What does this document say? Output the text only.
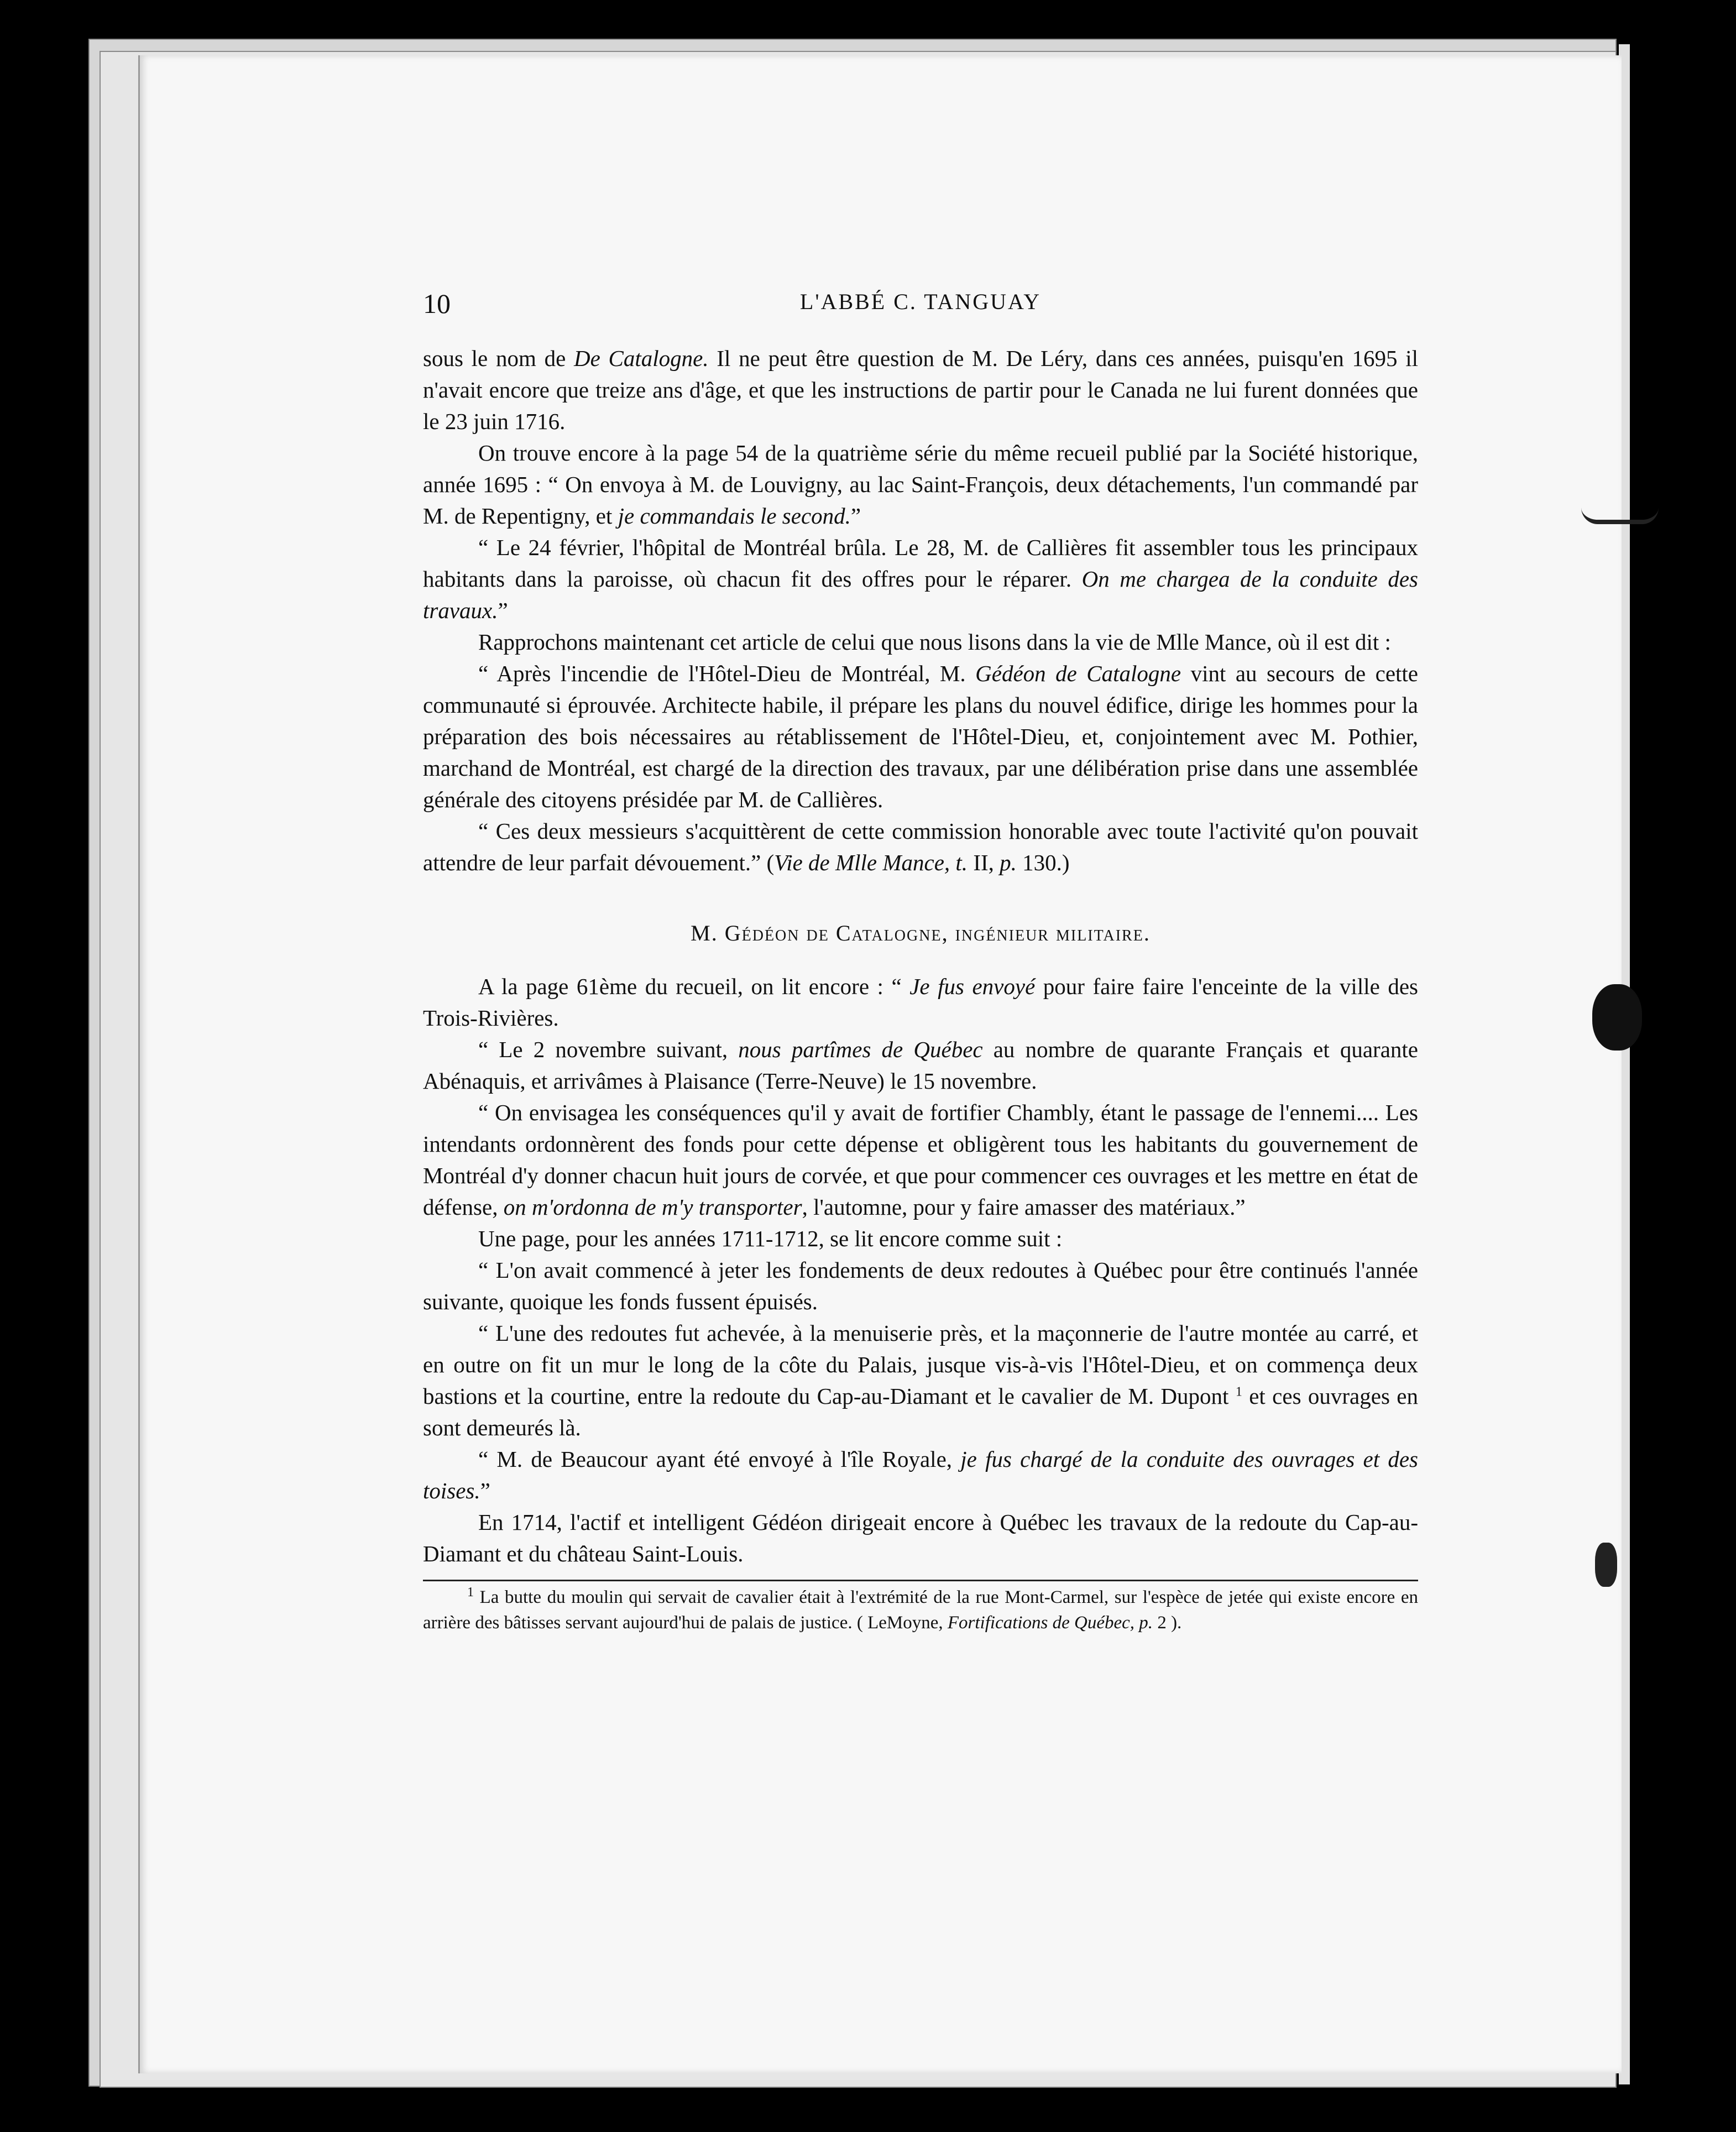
10	L'ABBÉ C. TANGUAY

sous le nom de De Catalogne. Il ne peut être question de M. De Léry, dans ces années, puisqu'en 1695 il n'avait encore que treize ans d'âge, et que les instructions de partir pour le Canada ne lui furent données que le 23 juin 1716.

On trouve encore à la page 54 de la quatrième série du même recueil publié par la Société historique, année 1695 : “ On envoya à M. de Louvigny, au lac Saint-François, deux détachements, l'un commandé par M. de Repentigny, et je commandais le second.”

“ Le 24 février, l'hôpital de Montréal brûla. Le 28, M. de Callières fit assembler tous les principaux habitants dans la paroisse, où chacun fit des offres pour le réparer. On me chargea de la conduite des travaux.”

Rapprochons maintenant cet article de celui que nous lisons dans la vie de Mlle Mance, où il est dit :

“ Après l'incendie de l'Hôtel-Dieu de Montréal, M. Gédéon de Catalogne vint au secours de cette communauté si éprouvée. Architecte habile, il prépare les plans du nouvel édifice, dirige les hommes pour la préparation des bois nécessaires au rétablissement de l'Hôtel-Dieu, et, conjointement avec M. Pothier, marchand de Montréal, est chargé de la direction des travaux, par une délibération prise dans une assemblée générale des citoyens présidée par M. de Callières.

“ Ces deux messieurs s'acquittèrent de cette commission honorable avec toute l'activité qu'on pouvait attendre de leur parfait dévouement.” (Vie de Mlle Mance, t. II, p. 130.)

M. Gédéon de Catalogne, ingénieur militaire.

A la page 61ème du recueil, on lit encore : “ Je fus envoyé pour faire faire l'enceinte de la ville des Trois-Rivières.

“ Le 2 novembre suivant, nous partîmes de Québec au nombre de quarante Français et quarante Abénaquis, et arrivâmes à Plaisance (Terre-Neuve) le 15 novembre.

“ On envisagea les conséquences qu'il y avait de fortifier Chambly, étant le passage de l'ennemi.... Les intendants ordonnèrent des fonds pour cette dépense et obligèrent tous les habitants du gouvernement de Montréal d'y donner chacun huit jours de corvée, et que pour commencer ces ouvrages et les mettre en état de défense, on m'ordonna de m'y transporter, l'automne, pour y faire amasser des matériaux.”

Une page, pour les années 1711-1712, se lit encore comme suit :

“ L'on avait commencé à jeter les fondements de deux redoutes à Québec pour être continués l'année suivante, quoique les fonds fussent épuisés.

“ L'une des redoutes fut achevée, à la menuiserie près, et la maçonnerie de l'autre montée au carré, et en outre on fit un mur le long de la côte du Palais, jusque vis-à-vis l'Hôtel-Dieu, et on commença deux bastions et la courtine, entre la redoute du Cap-au-Diamant et le cavalier de M. Dupont $^1$ et ces ouvrages en sont demeurés là.

“ M. de Beaucour ayant été envoyé à l'île Royale, je fus chargé de la conduite des ouvrages et des toises.”

En 1714, l'actif et intelligent Gédéon dirigeait encore à Québec les travaux de la redoute du Cap-au-Diamant et du château Saint-Louis.

$^1$ La butte du moulin qui servait de cavalier était à l'extrémité de la rue Mont-Carmel, sur l'espèce de jetée qui existe encore en arrière des bâtisses servant aujourd'hui de palais de justice. ( LeMoyne, Fortifications de Québec, p. 2 ).
